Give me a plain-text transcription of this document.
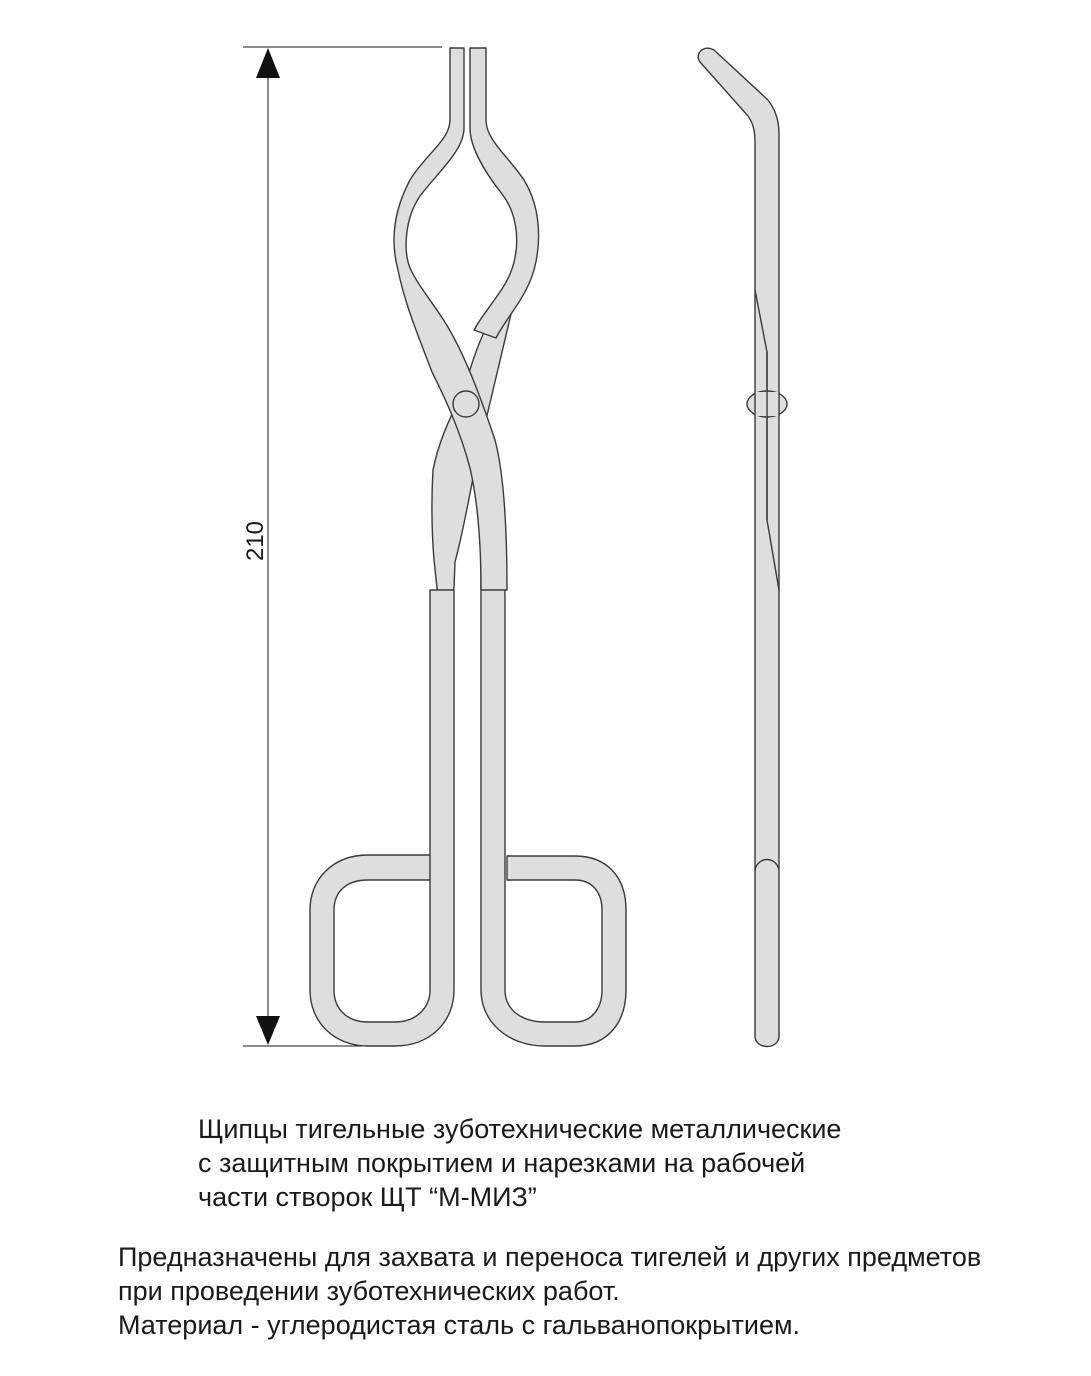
210

Щипцы тигельные зуботехнические металлические
с защитным покрытием и нарезками на рабочей
части створок ЩТ “М-МИЗ”

Предназначены для захвата и переноса тигелей и других предметов
при проведении зуботехнических работ.
Материал - углеродистая сталь с гальванопокрытием.
